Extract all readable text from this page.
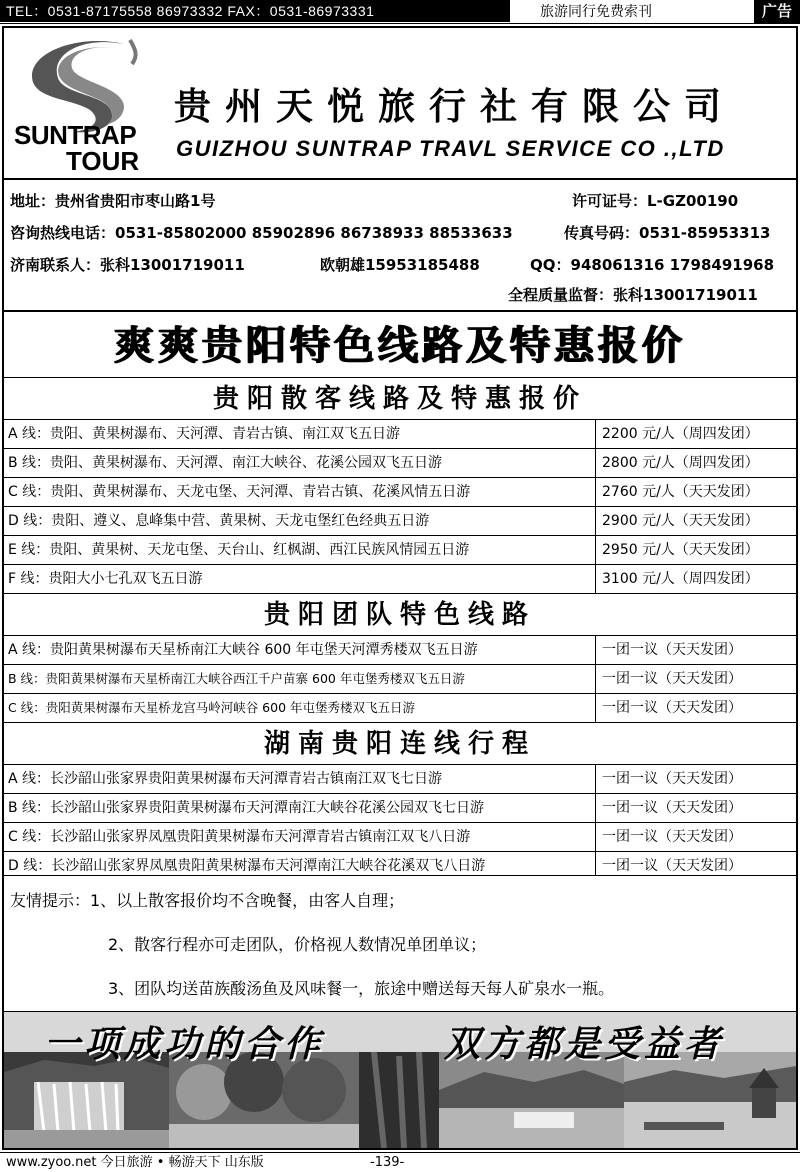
TEL：0531-87175558 86973332 FAX：0531-86973331	旅游同行免费索刊	广告
SUNTRAP
TOUR
贵州天悦旅行社有限公司
GUIZHOU SUNTRAP TRAVL SERVICE CO .,LTD
地址：贵州省贵阳市枣山路1号	许可证号：L-GZ00190
咨询热线电话：0531-85802000 85902896 86738933 88533633	传真号码：0531-85953313
济南联系人：张科13001719011	欧朝雄15953185488	QQ：948061316 1798491968
全程质量监督：张科13001719011
爽爽贵阳特色线路及特惠报价
贵阳散客线路及特惠报价
A 线：贵阳、黄果树瀑布、天河潭、青岩古镇、南江双飞五日游	2200 元/人（周四发团）
B 线：贵阳、黄果树瀑布、天河潭、南江大峡谷、花溪公园双飞五日游	2800 元/人（周四发团）
C 线：贵阳、黄果树瀑布、天龙屯堡、天河潭、青岩古镇、花溪风情五日游	2760 元/人（天天发团）
D 线：贵阳、遵义、息峰集中营、黄果树、天龙屯堡红色经典五日游	2900 元/人（天天发团）
E 线：贵阳、黄果树、天龙屯堡、天台山、红枫湖、西江民族风情园五日游	2950 元/人（天天发团）
F 线：贵阳大小七孔双飞五日游	3100 元/人（周四发团）
贵阳团队特色线路
A 线：贵阳黄果树瀑布天星桥南江大峡谷 600 年屯堡天河潭秀楼双飞五日游	一团一议（天天发团）
B 线：贵阳黄果树瀑布天星桥南江大峡谷西江千户苗寨 600 年屯堡秀楼双飞五日游	一团一议（天天发团）
C 线：贵阳黄果树瀑布天星桥龙宫马岭河峡谷 600 年屯堡秀楼双飞五日游	一团一议（天天发团）
湖南贵阳连线行程
A 线：长沙韶山张家界贵阳黄果树瀑布天河潭青岩古镇南江双飞七日游	一团一议（天天发团）
B 线：长沙韶山张家界贵阳黄果树瀑布天河潭南江大峡谷花溪公园双飞七日游	一团一议（天天发团）
C 线：长沙韶山张家界凤凰贵阳黄果树瀑布天河潭青岩古镇南江双飞八日游	一团一议（天天发团）
D 线：长沙韶山张家界凤凰贵阳黄果树瀑布天河潭南江大峡谷花溪双飞八日游	一团一议（天天发团）
友情提示：1、以上散客报价均不含晚餐，由客人自理；
2、散客行程亦可走团队，价格视人数情况单团单议；
3、团队均送苗族酸汤鱼及风味餐一，旅途中赠送每天每人矿泉水一瓶。
一项成功的合作	双方都是受益者
www.zyoo.net 今日旅游 • 畅游天下 山东版	-139-
